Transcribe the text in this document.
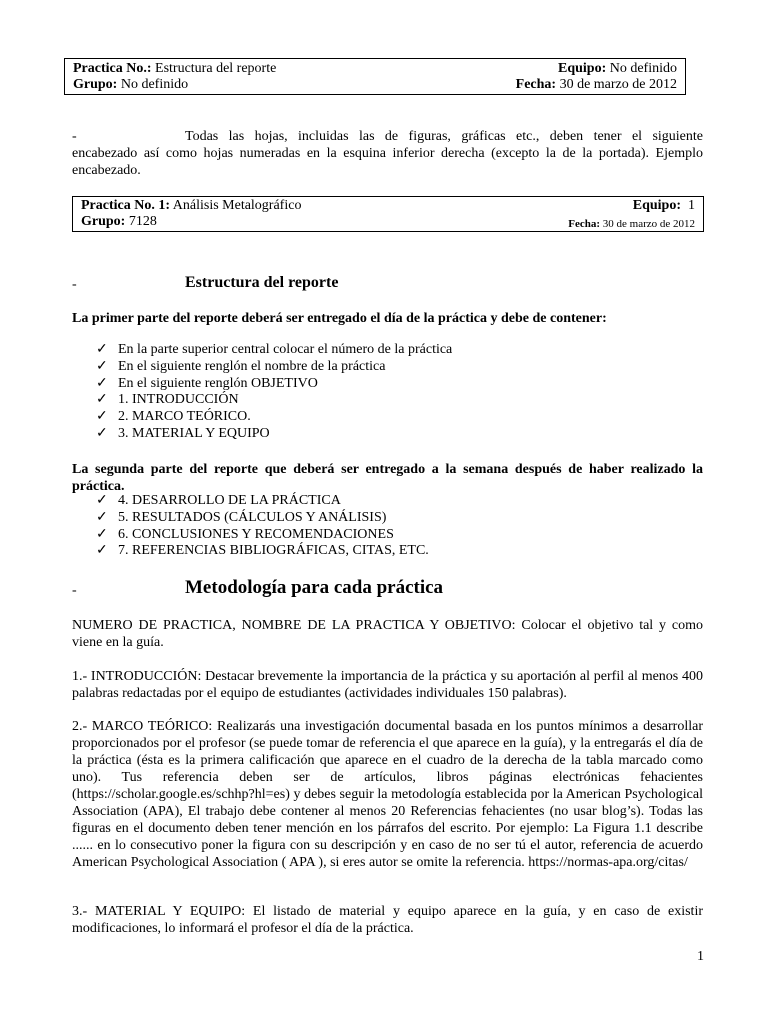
Practica No.: Estructura del reporte	Equipo: No definido
Grupo: No definido	Fecha: 30 de marzo de 2012
-	Todas las hojas, incluidas las de figuras, gráficas etc., deben tener el siguiente
encabezado así como hojas numeradas en la esquina inferior derecha (excepto la de la portada). Ejemplo encabezado.
Practica No. 1: Análisis Metalográfico	Equipo: 1
Grupo: 7128	Fecha: 30 de marzo de 2012
-	Estructura del reporte
La primer parte del reporte deberá ser entregado el día de la práctica y debe de contener:
✓ En la parte superior central colocar el número de la práctica
✓ En el siguiente renglón el nombre de la práctica
✓ En el siguiente renglón OBJETIVO
✓ 1. INTRODUCCIÓN
✓ 2. MARCO TEÓRICO.
✓ 3. MATERIAL Y EQUIPO
La segunda parte del reporte que deberá ser entregado a la semana después de haber realizado la práctica.
✓ 4. DESARROLLO DE LA PRÁCTICA
✓ 5. RESULTADOS (CÁLCULOS Y ANÁLISIS)
✓ 6. CONCLUSIONES Y RECOMENDACIONES
✓ 7. REFERENCIAS BIBLIOGRÁFICAS, CITAS, ETC.
-	Metodología para cada práctica
NUMERO DE PRACTICA, NOMBRE DE LA PRACTICA Y OBJETIVO: Colocar el objetivo tal y como viene en la guía.
1.- INTRODUCCIÓN: Destacar brevemente la importancia de la práctica y su aportación al perfil al menos 400 palabras redactadas por el equipo de estudiantes (actividades individuales 150 palabras).
2.- MARCO TEÓRICO: Realizarás una investigación documental basada en los puntos mínimos a desarrollar proporcionados por el profesor (se puede tomar de referencia el que aparece en la guía), y la entregarás el día de la práctica (ésta es la primera calificación que aparece en el cuadro de la derecha de la tabla marcado como uno). Tus referencia deben ser de artículos, libros páginas electrónicas fehacientes (https://scholar.google.es/schhp?hl=es) y debes seguir la metodología establecida por la American Psychological Association (APA), El trabajo debe contener al menos 20 Referencias fehacientes (no usar blog’s). Todas las figuras en el documento deben tener mención en los párrafos del escrito. Por ejemplo: La Figura 1.1 describe ...... en lo consecutivo poner la figura con su descripción y en caso de no ser tú el autor, referencia de acuerdo American Psychological Association ( APA ), si eres autor se omite la referencia. https://normas-apa.org/citas/
3.- MATERIAL Y EQUIPO: El listado de material y equipo aparece en la guía, y en caso de existir modificaciones, lo informará el profesor el día de la práctica.
1
